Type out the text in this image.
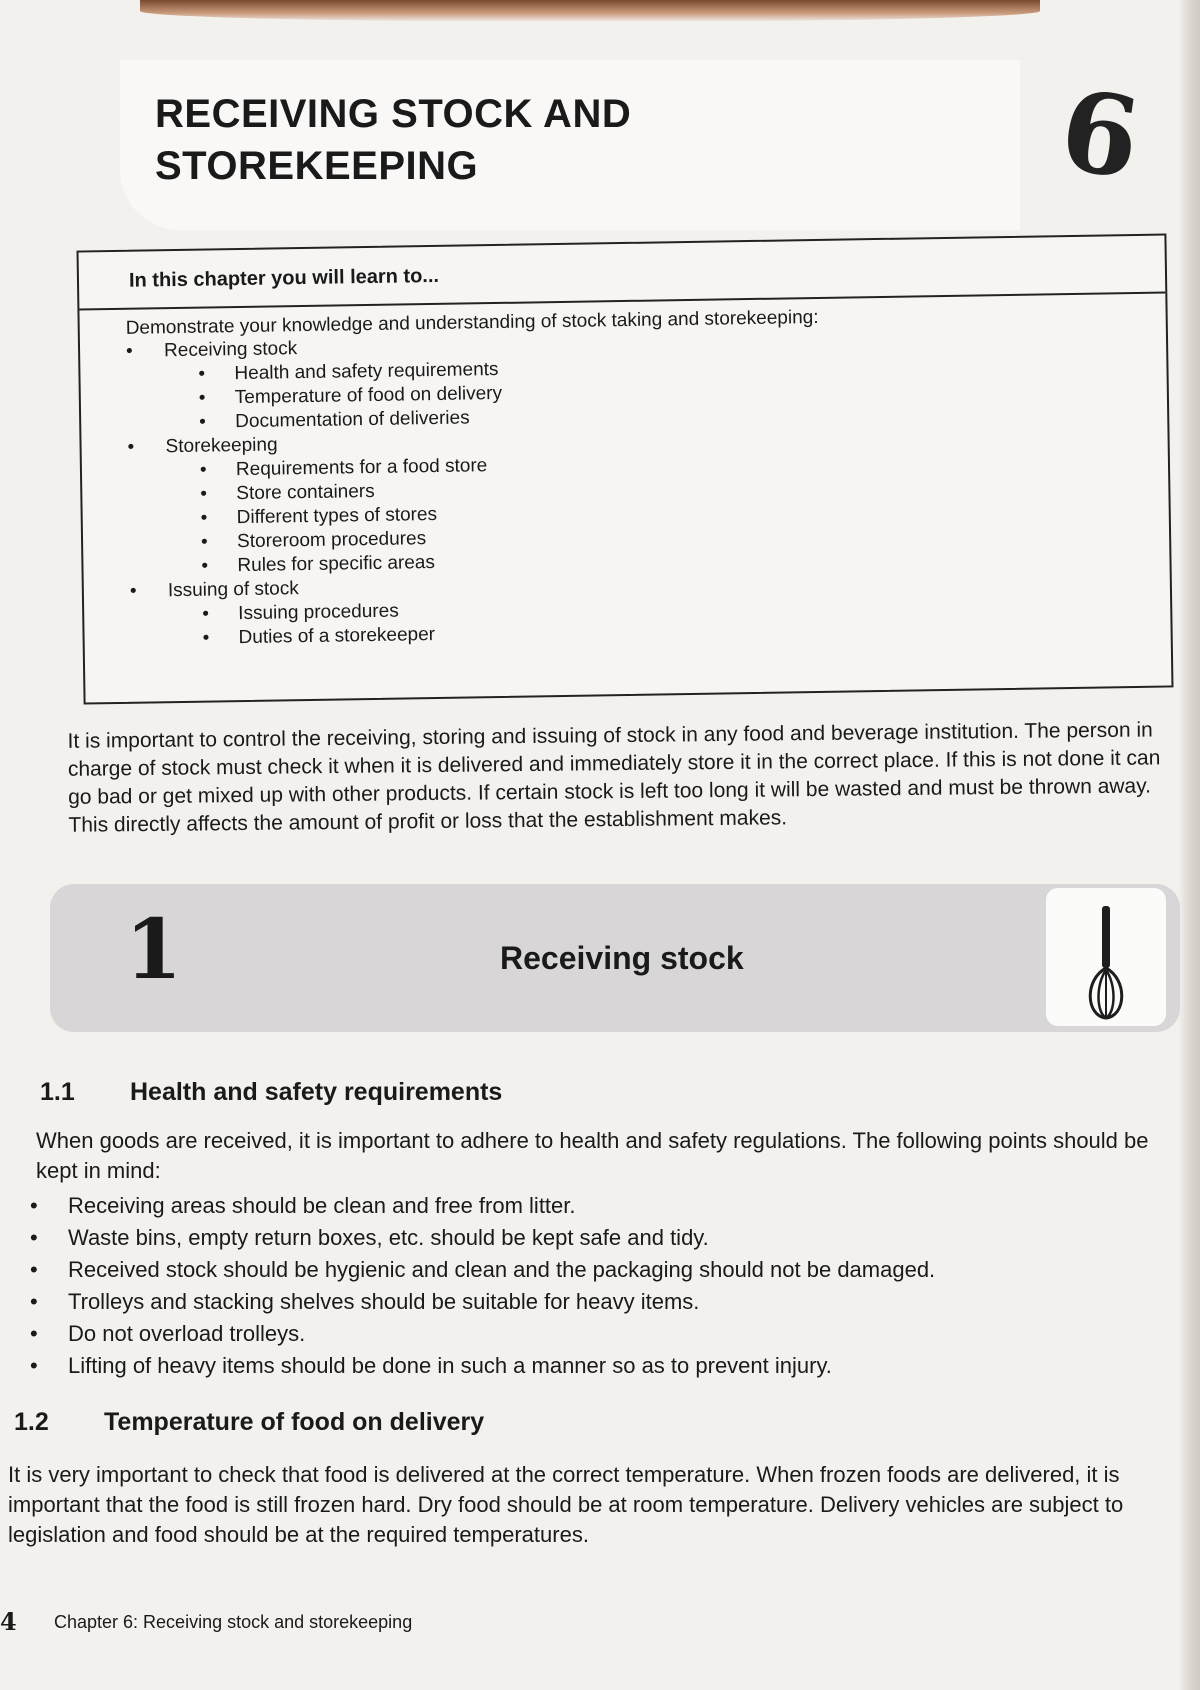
RECEIVING STOCK AND
STOREKEEPING	6
In this chapter you will learn to...
Demonstrate your knowledge and understanding of stock taking and storekeeping:
• Receiving stock
• Health and safety requirements
• Temperature of food on delivery
• Documentation of deliveries
• Storekeeping
• Requirements for a food store
• Store containers
• Different types of stores
• Storeroom procedures
• Rules for specific areas
• Issuing of stock
• Issuing procedures
• Duties of a storekeeper

It is important to control the receiving, storing and issuing of stock in any food and beverage institution. The person in charge of stock must check it when it is delivered and immediately store it in the correct place. If this is not done it can go bad or get mixed up with other products. If certain stock is left too long it will be wasted and must be thrown away. This directly affects the amount of profit or loss that the establishment makes.

1	Receiving stock
1.1 Health and safety requirements

When goods are received, it is important to adhere to health and safety regulations. The following points should be kept in mind:

• Receiving areas should be clean and free from litter.
• Waste bins, empty return boxes, etc. should be kept safe and tidy.
• Received stock should be hygienic and clean and the packaging should not be damaged.
• Trolleys and stacking shelves should be suitable for heavy items.
• Do not overload trolleys.
• Lifting of heavy items should be done in such a manner so as to prevent injury.
1.2 Temperature of food on delivery

It is very important to check that food is delivered at the correct temperature. When frozen foods are delivered, it is important that the food is still frozen hard. Dry food should be at room temperature. Delivery vehicles are subject to legislation and food should be at the required temperatures.

4 Chapter 6: Receiving stock and storekeeping
